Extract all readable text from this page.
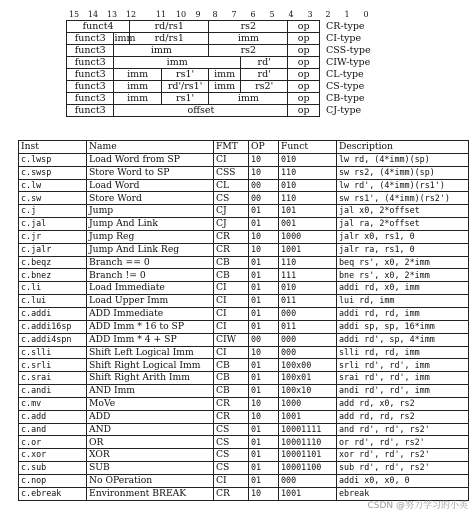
15 14 13 12 11 10 9 8 7 6 5 4 3 2 1 0
funct4		rd/rs1		rs2		op	CR-type
funct3	imm	rd/rs1		imm		op	CI-type
funct3	imm			rs2		op	CSS-type
funct3	imm				rd'	op	CIW-type
funct3	imm		rs1'	imm	rd'	op	CL-type
funct3	imm		rd'/rs1'	imm	rs2'	op	CS-type
funct3	imm		rs1'	imm		op	CB-type
funct3	offset					op	CJ-type
Inst	Name	FMT	OP	Funct	Description
c.lwsp	Load Word from SP	CI	10	010	lw rd, (4*imm)(sp)
c.swsp	Store Word to SP	CSS	10	110	sw rs2, (4*imm)(sp)
c.lw	Load Word	CL	00	010	lw rd', (4*imm)(rs1')
c.sw	Store Word	CS	00	110	sw rs1', (4*imm)(rs2')
c.j	Jump	CJ	01	101	jal x0, 2*offset
c.jal	Jump And Link	CJ	01	001	jal ra, 2*offset
c.jr	Jump Reg	CR	10	1000	jalr x0, rs1, 0
c.jalr	Jump And Link Reg	CR	10	1001	jalr ra, rs1, 0
c.beqz	Branch == 0	CB	01	110	beq rs', x0, 2*imm
c.bnez	Branch != 0	CB	01	111	bne rs', x0, 2*imm
c.li	Load Immediate	CI	01	010	addi rd, x0, imm
c.lui	Load Upper Imm	CI	01	011	lui rd, imm
c.addi	ADD Immediate	CI	01	000	addi rd, rd, imm
c.addi16sp	ADD Imm * 16 to SP	CI	01	011	addi sp, sp, 16*imm
c.addi4spn	ADD Imm * 4 + SP	CIW	00	000	addi rd', sp, 4*imm
c.slli	Shift Left Logical Imm	CI	10	000	slli rd, rd, imm
c.srli	Shift Right Logical Imm	CB	01	100x00	srli rd', rd', imm
c.srai	Shift Right Arith Imm	CB	01	100x01	srai rd', rd', imm
c.andi	AND Imm	CB	01	100x10	andi rd', rd', imm
c.mv	MoVe	CR	10	1000	add rd, x0, rs2
c.add	ADD	CR	10	1001	add rd, rd, rs2
c.and	AND	CS	01	10001111	and rd', rd', rs2'
c.or	OR	CS	01	10001110	or rd', rd', rs2'
c.xor	XOR	CS	01	10001101	xor rd', rd', rs2'
c.sub	SUB	CS	01	10001100	sub rd', rd', rs2'
c.nop	No OPeration	CI	01	000	addi x0, x0, 0
c.ebreak	Environment BREAK	CR	10	1001	ebreak
CSDN @努力学习的小英
